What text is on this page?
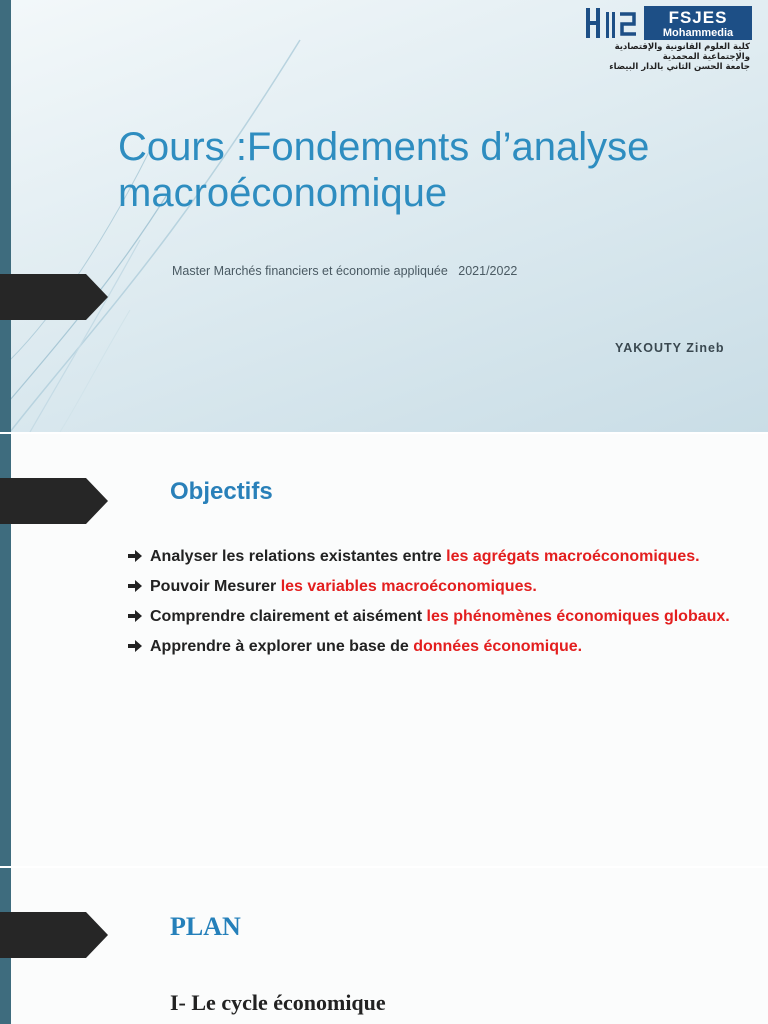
FSJES
Mohammedia
كلية العلوم القانونية والإقتصادية
والإجتماعية المحمدية
جامعة الحسن الثاني بالدار البيضاء
Cours :Fondements d’analyse macroéconomique
Master Marchés financiers et économie appliquée   2021/2022
YAKOUTY Zineb
Objectifs
Analyser les relations existantes entre les agrégats macroéconomiques.
Pouvoir Mesurer les variables macroéconomiques.
Comprendre clairement et aisément les phénomènes économiques globaux.
Apprendre à explorer une base de données économique.
PLAN
I- Le cycle économique
